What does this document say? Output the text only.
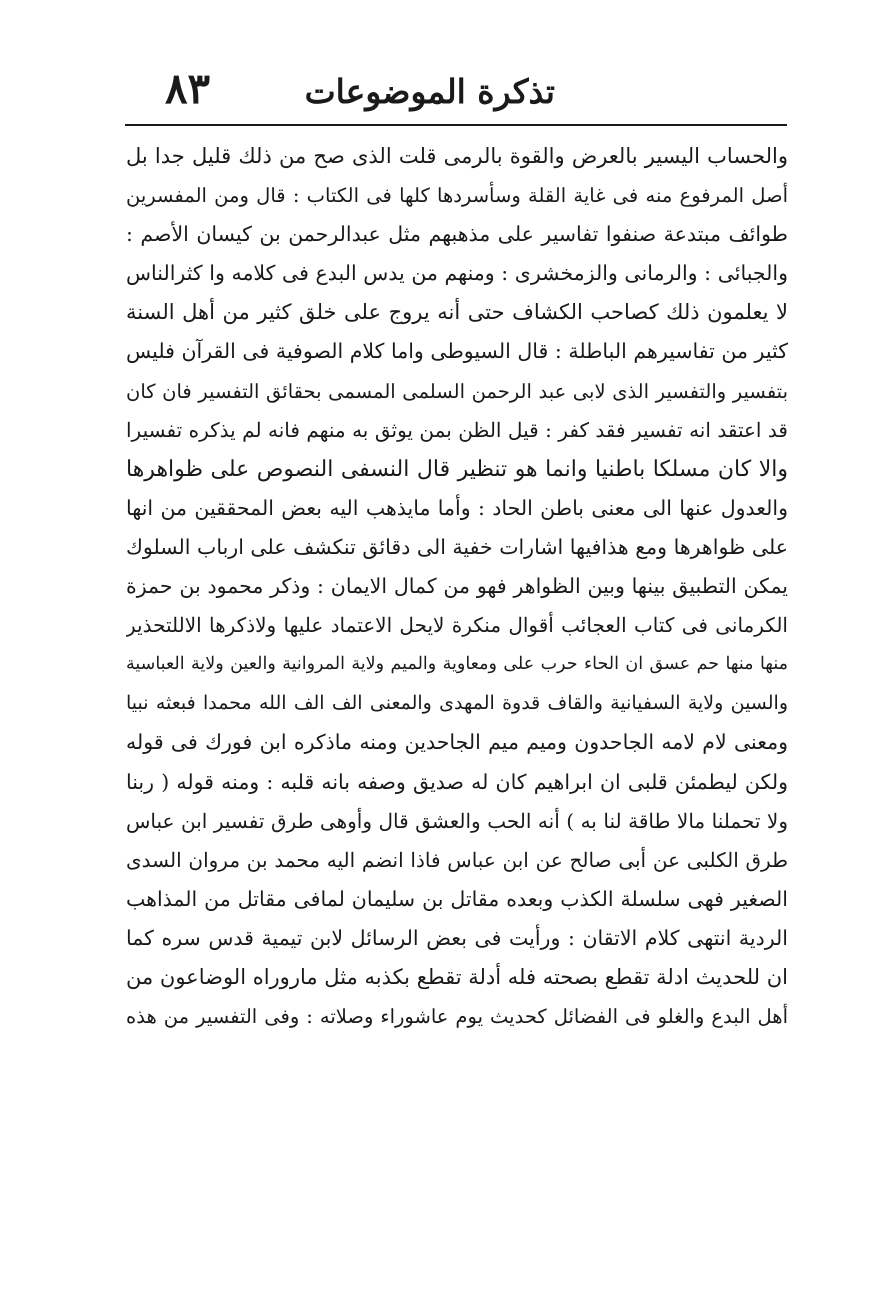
تذكرة الموضوعات
٨٣
والحساب اليسير بالعرض والقوة بالرمى قلت الذى صح من ذلك قليل جدا بل
أصل المرفوع منه فى غاية القلة وسأسردها كلها فى الكتاب : قال ومن المفسرين
طوائف مبتدعة صنفوا تفاسير على مذهبهم مثل عبدالرحمن بن كيسان الأصم :
والجبائى : والرمانى والزمخشرى : ومنهم من يدس البدع فى كلامه وا كثرالناس
لا يعلمون ذلك كصاحب الكشاف حتى أنه يروج على خلق كثير من أهل السنة
كثير من تفاسيرهم الباطلة : قال السيوطى واما كلام الصوفية فى القرآن فليس
بتفسير والتفسير الذى لابى عبد الرحمن السلمى المسمى بحقائق التفسير فان كان
قد اعتقد انه تفسير فقد كفر : قيل الظن بمن يوثق به منهم فانه لم يذكره تفسيرا
والا كان مسلكا باطنيا وانما هو تنظير قال النسفى النصوص على ظواهرها
والعدول عنها الى معنى باطن الحاد : وأما مايذهب اليه بعض المحققين من انها
على ظواهرها ومع هذافيها اشارات خفية الى دقائق تنكشف على ارباب السلوك
يمكن التطبيق بينها وبين الظواهر فهو من كمال الايمان : وذكر محمود بن حمزة
الكرمانى فى كتاب العجائب أقوال منكرة لايحل الاعتماد عليها ولاذكرها الاللتحذير
منها منها حم عسق ان الحاء حرب على ومعاوية والميم ولاية المروانية والعين ولاية العباسية
والسين ولاية السفيانية والقاف قدوة المهدى والمعنى الف الف الله محمدا فبعثه نبيا
ومعنى لام لامه الجاحدون وميم ميم الجاحدين ومنه ماذكره ابن فورك فى قوله
ولكن ليطمئن قلبى ان ابراهيم كان له صديق وصفه بانه قلبه : ومنه قوله ( ربنا
ولا تحملنا مالا طاقة لنا به ) أنه الحب والعشق قال وأوهى طرق تفسير ابن عباس
طرق الكلبى عن أبى صالح عن ابن عباس فاذا انضم اليه محمد بن مروان السدى
الصغير فهى سلسلة الكذب وبعده مقاتل بن سليمان لمافى مقاتل من المذاهب
الردية انتهى كلام الاتقان : ورأيت فى بعض الرسائل لابن تيمية قدس سره كما
ان للحديث ادلة تقطع بصحته فله أدلة تقطع بكذبه مثل ماروراه الوضاعون من
أهل البدع والغلو فى الفضائل كحديث يوم عاشوراء وصلاته : وفى التفسير من هذه
